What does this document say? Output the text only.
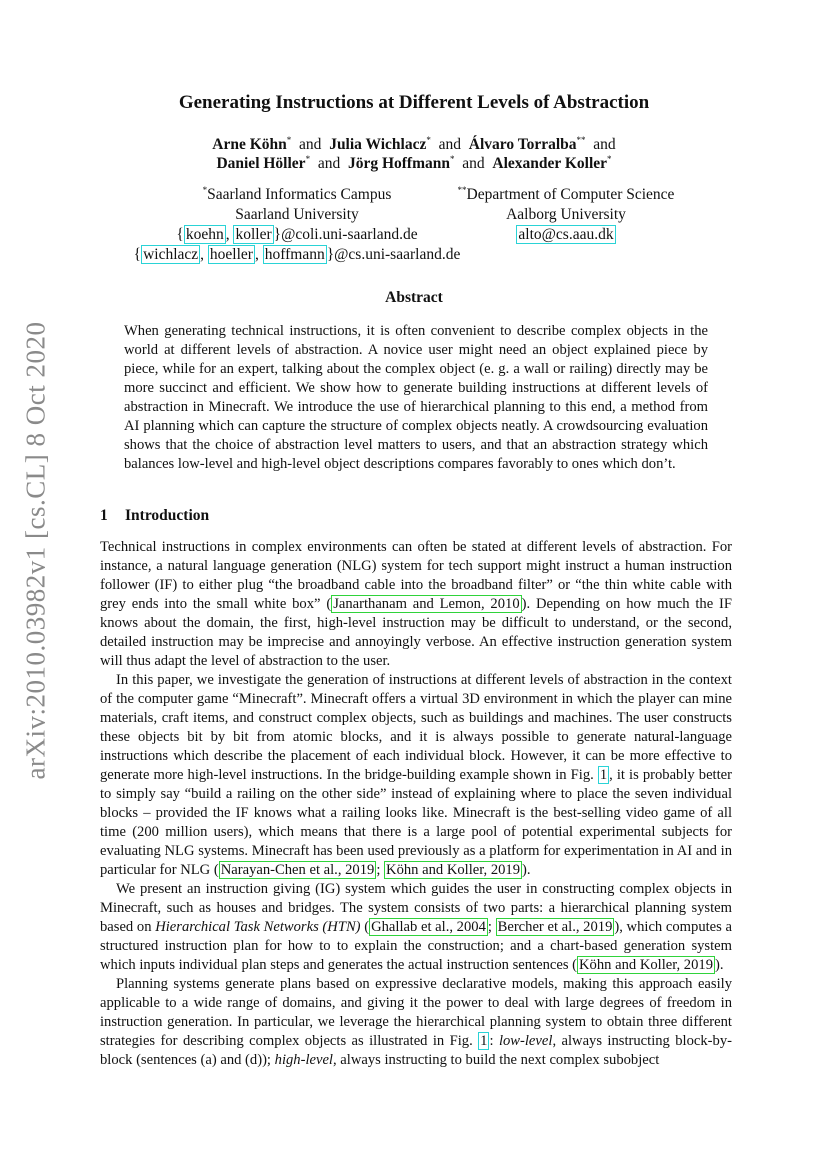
arXiv:2010.03982v1 [cs.CL] 8 Oct 2020
Generating Instructions at Different Levels of Abstraction
Arne Köhn* and Julia Wichlacz* and Álvaro Torralba** and
Daniel Höller* and Jörg Hoffmann* and Alexander Koller*
*Saarland Informatics Campus
Saarland University
{ koehn , koller }@coli.uni-saarland.de
{ wichlacz , hoeller , hoffmann }@cs.uni-saarland.de
**Department of Computer Science
Aalborg University
alto@cs.aau.dk
Abstract

When generating technical instructions, it is often convenient to describe complex objects in the world at different levels of abstraction. A novice user might need an object explained piece by piece, while for an expert, talking about the complex object (e. g. a wall or railing) directly may be more succinct and efficient. We show how to generate building instructions at different levels of abstraction in Minecraft. We introduce the use of hierarchical planning to this end, a method from AI planning which can capture the structure of complex objects neatly. A crowdsourcing evaluation shows that the choice of abstraction level matters to users, and that an abstraction strategy which balances low-level and high-level object descriptions compares favorably to ones which don’t.

1 Introduction

Technical instructions in complex environments can often be stated at different levels of abstraction. For instance, a natural language generation (NLG) system for tech support might instruct a human instruction follower (IF) to either plug “the broadband cable into the broadband filter” or “the thin white cable with grey ends into the small white box” ( Janarthanam and Lemon, 2010 ). Depending on how much the IF knows about the domain, the first, high-level instruction may be difficult to understand, or the second, detailed instruction may be imprecise and annoyingly verbose. An effective instruction generation system will thus adapt the level of abstraction to the user.

In this paper, we investigate the generation of instructions at different levels of abstraction in the context of the computer game “Minecraft”. Minecraft offers a virtual 3D environment in which the player can mine materials, craft items, and construct complex objects, such as buildings and machines. The user constructs these objects bit by bit from atomic blocks, and it is always possible to generate natural-language instructions which describe the placement of each individual block. However, it can be more effective to generate more high-level instructions. In the bridge-building example shown in Fig. 1 , it is probably better to simply say “build a railing on the other side” instead of explaining where to place the seven individual blocks – provided the IF knows what a railing looks like. Minecraft is the best-selling video game of all time (200 million users), which means that there is a large pool of potential experimental subjects for evaluating NLG systems. Minecraft has been used previously as a platform for experimentation in AI and in particular for NLG ( Narayan-Chen et al., 2019 ; Köhn and Koller, 2019 ).

We present an instruction giving (IG) system which guides the user in constructing complex objects in Minecraft, such as houses and bridges. The system consists of two parts: a hierarchical planning system based on Hierarchical Task Networks (HTN) ( Ghallab et al., 2004 ; Bercher et al., 2019 ), which computes a structured instruction plan for how to to explain the construction; and a chart-based generation system which inputs individual plan steps and generates the actual instruction sentences ( Köhn and Koller, 2019 ).

Planning systems generate plans based on expressive declarative models, making this approach easily applicable to a wide range of domains, and giving it the power to deal with large degrees of freedom in instruction generation. In particular, we leverage the hierarchical planning system to obtain three different strategies for describing complex objects as illustrated in Fig. 1 : low-level, always instructing block-by-block (sentences (a) and (d)); high-level, always instructing to build the next complex subobject
